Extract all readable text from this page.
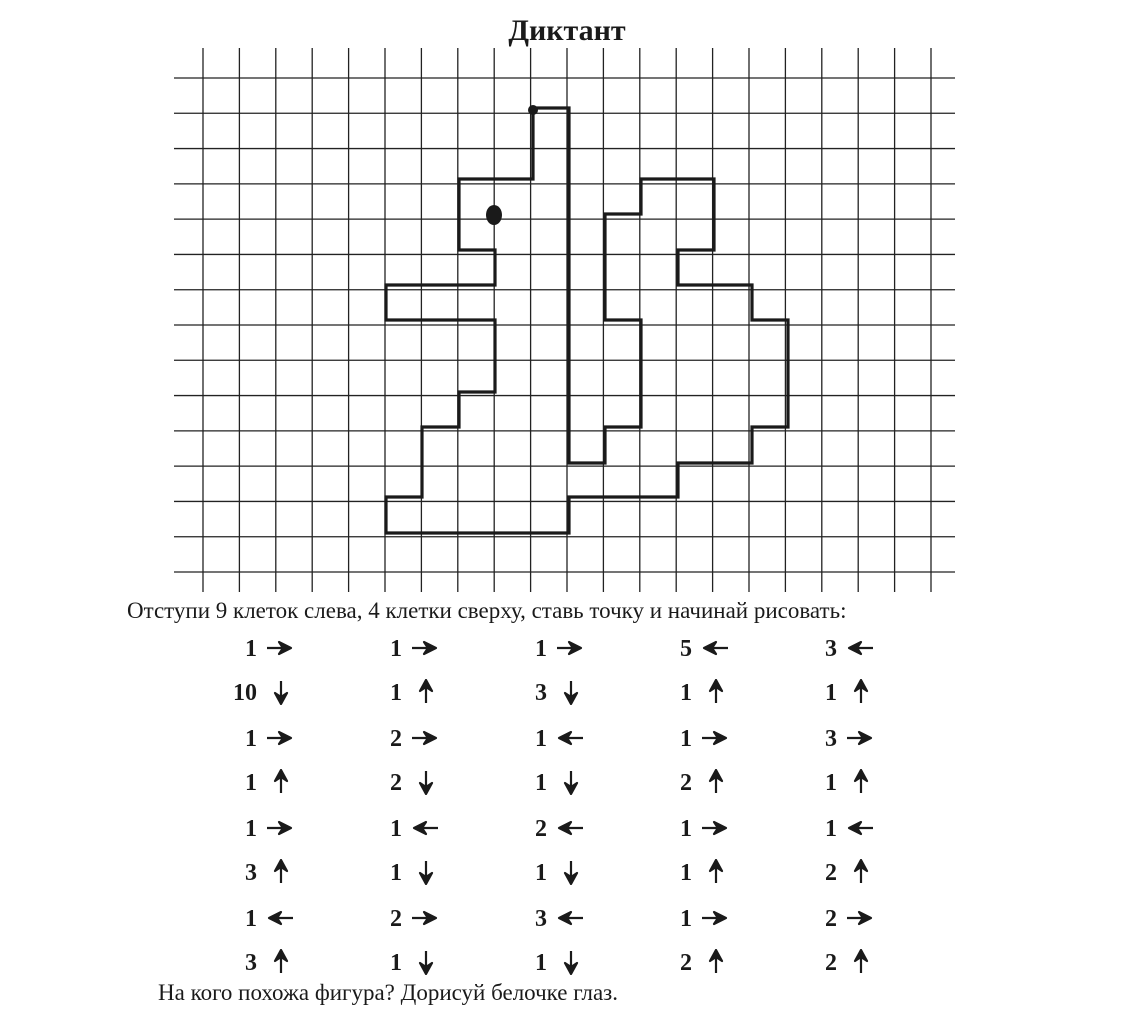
Диктант
Отступи 9 клеток слева, 4 клетки сверху, ставь точку и начинай рисовать:
1
10
1
1
1
3
1
3
1
1
2
2
1
1
2
1
1
3
1
1
2
1
3
1
5
1
1
2
1
1
1
2
3
1
3
1
1
2
2
2
На кого похожа фигура? Дорисуй белочке глаз.
